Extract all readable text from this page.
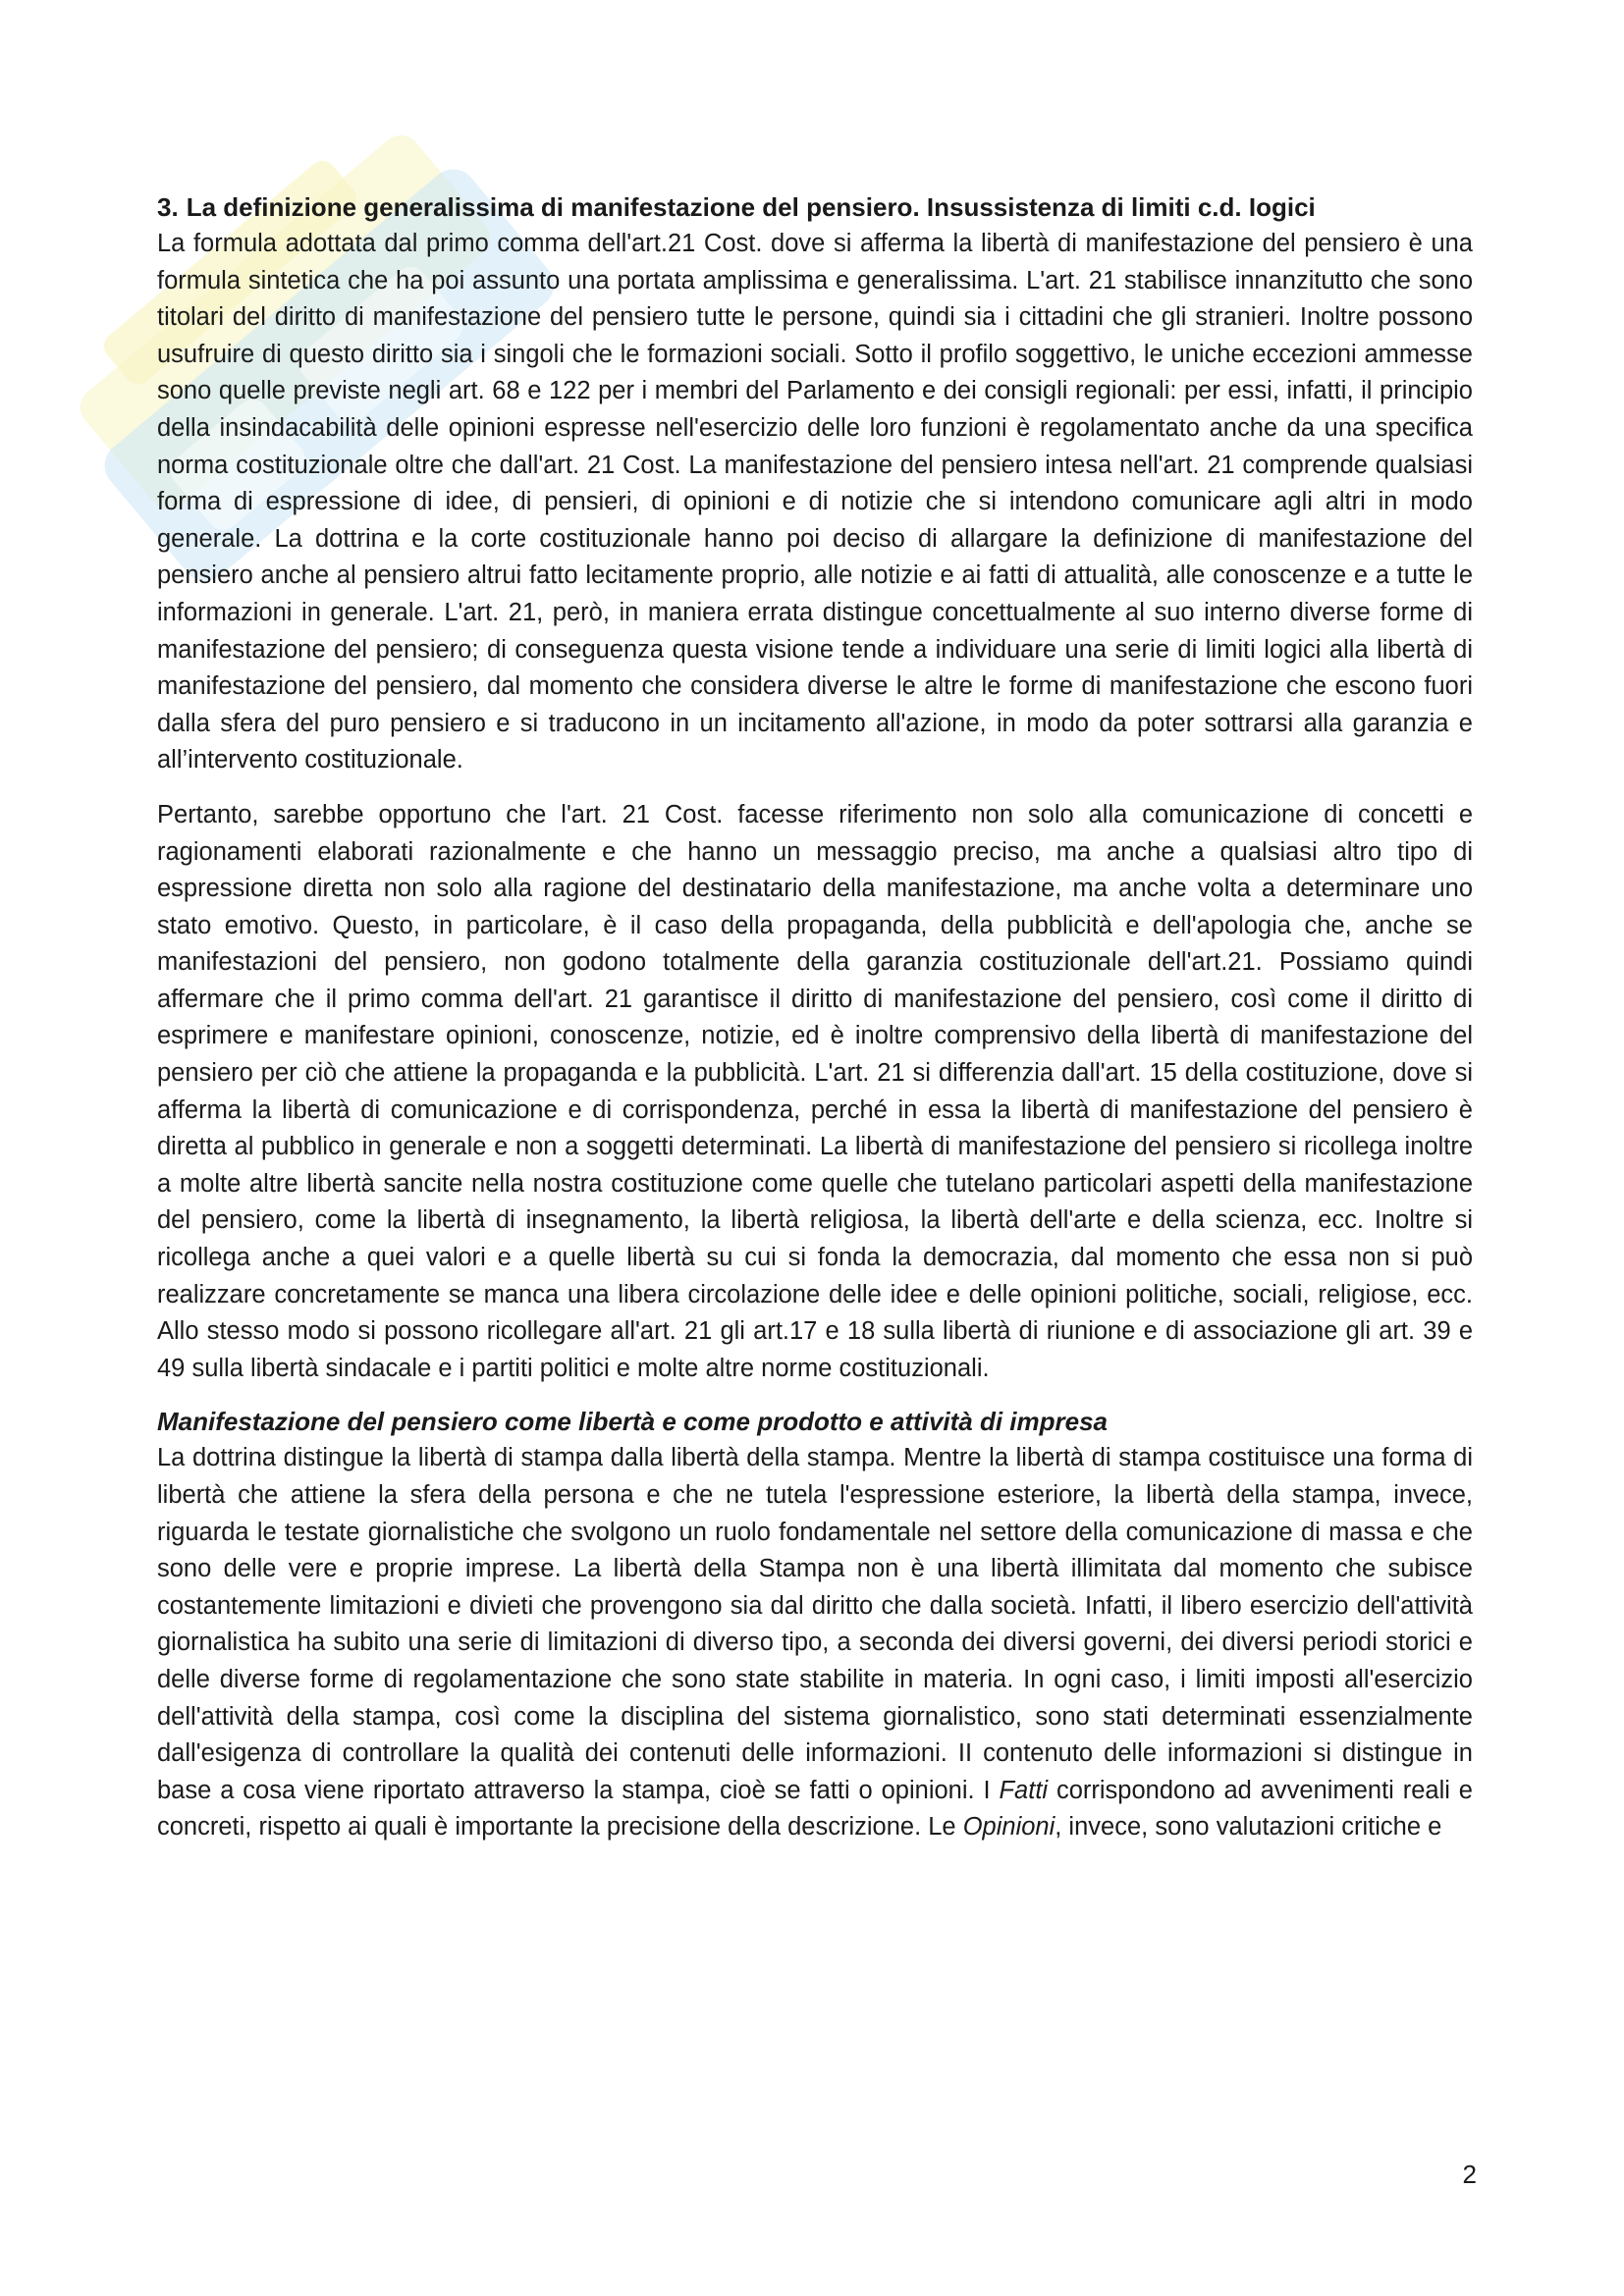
3. La definizione generalissima di manifestazione del pensiero. Insussistenza di limiti c.d. Iogici

La formula adottata dal primo comma dell'art.21 Cost. dove si afferma la libertà di manifestazione del pensiero è una formula sintetica che ha poi assunto una portata amplissima e generalissima. L'art. 21 stabilisce innanzitutto che sono titolari del diritto di manifestazione del pensiero tutte le persone, quindi sia i cittadini che gli stranieri. Inoltre possono usufruire di questo diritto sia i singoli che le formazioni sociali. Sotto il profilo soggettivo, le uniche eccezioni ammesse sono quelle previste negli art. 68 e 122 per i membri del Parlamento e dei consigli regionali: per essi, infatti, il principio della insindacabilità delle opinioni espresse nell'esercizio delle loro funzioni è regolamentato anche da una specifica norma costituzionale oltre che dall'art. 21 Cost. La manifestazione del pensiero intesa nell'art. 21 comprende qualsiasi forma di espressione di idee, di pensieri, di opinioni e di notizie che si intendono comunicare agli altri in modo generale. La dottrina e la corte costituzionale hanno poi deciso di allargare la definizione di manifestazione del pensiero anche al pensiero altrui fatto lecitamente proprio, alle notizie e ai fatti di attualità, alle conoscenze e a tutte le informazioni in generale. L'art. 21, però, in maniera errata distingue concettualmente al suo interno diverse forme di manifestazione del pensiero; di conseguenza questa visione tende a individuare una serie di limiti logici alla libertà di manifestazione del pensiero, dal momento che considera diverse le altre le forme di manifestazione che escono fuori dalla sfera del puro pensiero e si traducono in un incitamento all'azione, in modo da poter sottrarsi alla garanzia e all’intervento costituzionale.

Pertanto, sarebbe opportuno che l'art. 21 Cost. facesse riferimento non solo alla comunicazione di concetti e ragionamenti elaborati razionalmente e che hanno un messaggio preciso, ma anche a qualsiasi altro tipo di espressione diretta non solo alla ragione del destinatario della manifestazione, ma anche volta a determinare uno stato emotivo. Questo, in particolare, è il caso della propaganda, della pubblicità e dell'apologia che, anche se manifestazioni del pensiero, non godono totalmente della garanzia costituzionale dell'art.21. Possiamo quindi affermare che il primo comma dell'art. 21 garantisce il diritto di manifestazione del pensiero, così come il diritto di esprimere e manifestare opinioni, conoscenze, notizie, ed è inoltre comprensivo della libertà di manifestazione del pensiero per ciò che attiene la propaganda e la pubblicità. L'art. 21 si differenzia dall'art. 15 della costituzione, dove si afferma la libertà di comunicazione e di corrispondenza, perché in essa la libertà di manifestazione del pensiero è diretta al pubblico in generale e non a soggetti determinati. La libertà di manifestazione del pensiero si ricollega inoltre a molte altre libertà sancite nella nostra costituzione come quelle che tutelano particolari aspetti della manifestazione del pensiero, come la libertà di insegnamento, la libertà religiosa, la libertà dell'arte e della scienza, ecc. Inoltre si ricollega anche a quei valori e a quelle libertà su cui si fonda la democrazia, dal momento che essa non si può realizzare concretamente se manca una libera circolazione delle idee e delle opinioni politiche, sociali, religiose, ecc. Allo stesso modo si possono ricollegare all'art. 21 gli art.17 e 18 sulla libertà di riunione e di associazione gli art. 39 e 49 sulla libertà sindacale e i partiti politici e molte altre norme costituzionali.

Manifestazione del pensiero come libertà e come prodotto e attività di impresa

La dottrina distingue la libertà di stampa dalla libertà della stampa. Mentre la libertà di stampa costituisce una forma di libertà che attiene la sfera della persona e che ne tutela l'espressione esteriore, la libertà della stampa, invece, riguarda le testate giornalistiche che svolgono un ruolo fondamentale nel settore della comunicazione di massa e che sono delle vere e proprie imprese. La libertà della Stampa non è una libertà illimitata dal momento che subisce costantemente limitazioni e divieti che provengono sia dal diritto che dalla società. Infatti, il libero esercizio dell'attività giornalistica ha subito una serie di limitazioni di diverso tipo, a seconda dei diversi governi, dei diversi periodi storici e delle diverse forme di regolamentazione che sono state stabilite in materia. In ogni caso, i limiti imposti all'esercizio dell'attività della stampa, così come la disciplina del sistema giornalistico, sono stati determinati essenzialmente dall'esigenza di controllare la qualità dei contenuti delle informazioni. II contenuto delle informazioni si distingue in base a cosa viene riportato attraverso la stampa, cioè se fatti o opinioni. I Fatti corrispondono ad avvenimenti reali e concreti, rispetto ai quali è importante la precisione della descrizione. Le Opinioni, invece, sono valutazioni critiche e

2
